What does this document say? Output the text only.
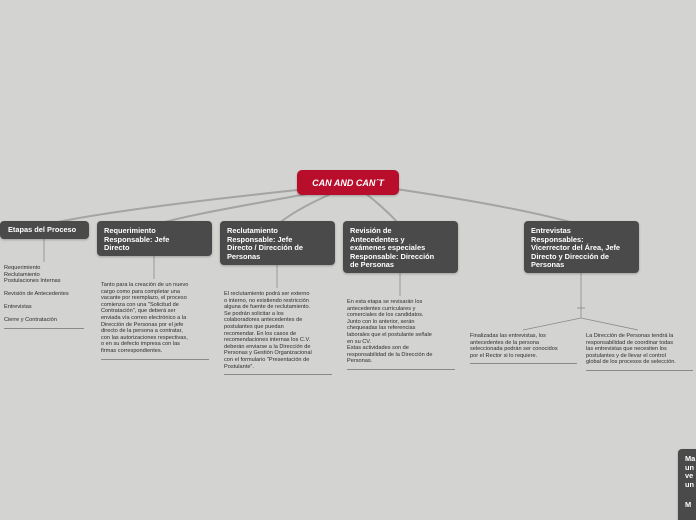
CAN AND CAN´T
Etapas del Proceso
Requerimiento
Reclutamiento
Postulaciones Internas
Revisión de Antecedentes
Entrevistas
Cierre y Contratación
Requerimiento
Responsable: Jefe
Directo
Tanto para la creación de un nuevo
cargo como para completar una
vacante por reemplazo, el proceso
comienza con una "Solicitud de
Contratación", que deberá ser
enviada vía correo electrónico a la
Dirección de Personas por el jefe
directo de la persona a contratar,
con las autorizaciones respectivas,
o en su defecto impresa con las
firmas correspondientes.
Reclutamiento
Responsable: Jefe
Directo / Dirección de
Personas
El reclutamiento podrá ser externo
o interno, no existiendo restricción
alguna de fuente de reclutamiento.
Se podrán solicitar a los
colaboradores antecedentes de
postulantes que puedan
recomendar. En los casos de
recomendaciones internas los C.V.
deberán enviarse a la Dirección de
Personas y Gestión Organizacional
con el formulario "Presentación de
Postulante".
Revisión de
Antecedentes y
exámenes especiales
Responsable: Dirección
de Personas
En esta etapa se revisarán los
antecedentes curriculares y
comerciales de los candidatos.
Junto con lo anterior, serán
chequeadas las referencias
laborales que el postulante señale
en su CV.
Estas actividades son de
responsabilidad de la Dirección de
Personas.
Entrevistas
Responsables:
Vicerrector del Área, Jefe
Directo y Dirección de
Personas
Finalizadas las entrevistas, los
antecedentes de la persona
seleccionada podrán ser conocidos
por el Rector si lo requiere.
La Dirección de Personas tendrá la
responsabilidad de coordinar todas
las entrevistas que necesiten los
postulantes y de llevar el control
global de los procesos de selección.
Ma
un
ve
un
M
